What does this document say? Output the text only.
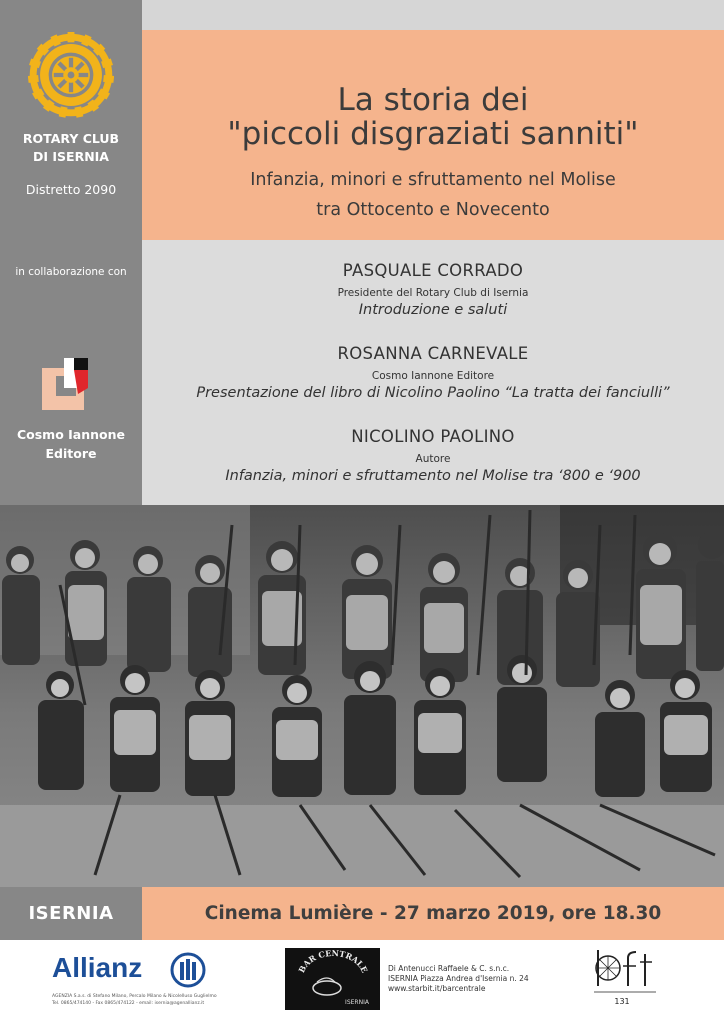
ROTARY CLUB
DI ISERNIA
Distretto 2090
in collaborazione con
Cosmo Iannone
Editore
La storia dei
"piccoli disgraziati sanniti"
Infanzia, minori e sfruttamento nel Molise
tra Ottocento e Novecento
PASQUALE CORRADO
Presidente del Rotary Club di Isernia
Introduzione e saluti
ROSANNA CARNEVALE
Cosmo Iannone Editore
Presentazione del libro di Nicolino Paolino “La tratta dei fanciulli”
NICOLINO PAOLINO
Autore
Infanzia, minori e sfruttamento nel Molise tra ‘800 e ‘900
ISERNIA	Cinema Lumière - 27 marzo 2019, ore 18.30
Allianz
AGENZIA S.a.s. di Stefano Milano, Percalo Milano & Nicolelluso Guglielmo
Tel. 0865/474140 - Fax 0865/474122 - email: isernia@agenallianz.it
BAR CENTRALE
ISERNIA
Di Antenucci Raffaele & C. s.n.c.
ISERNIA Piazza Andrea d'Isernia n. 24
www.starbit.it/barcentrale
131
